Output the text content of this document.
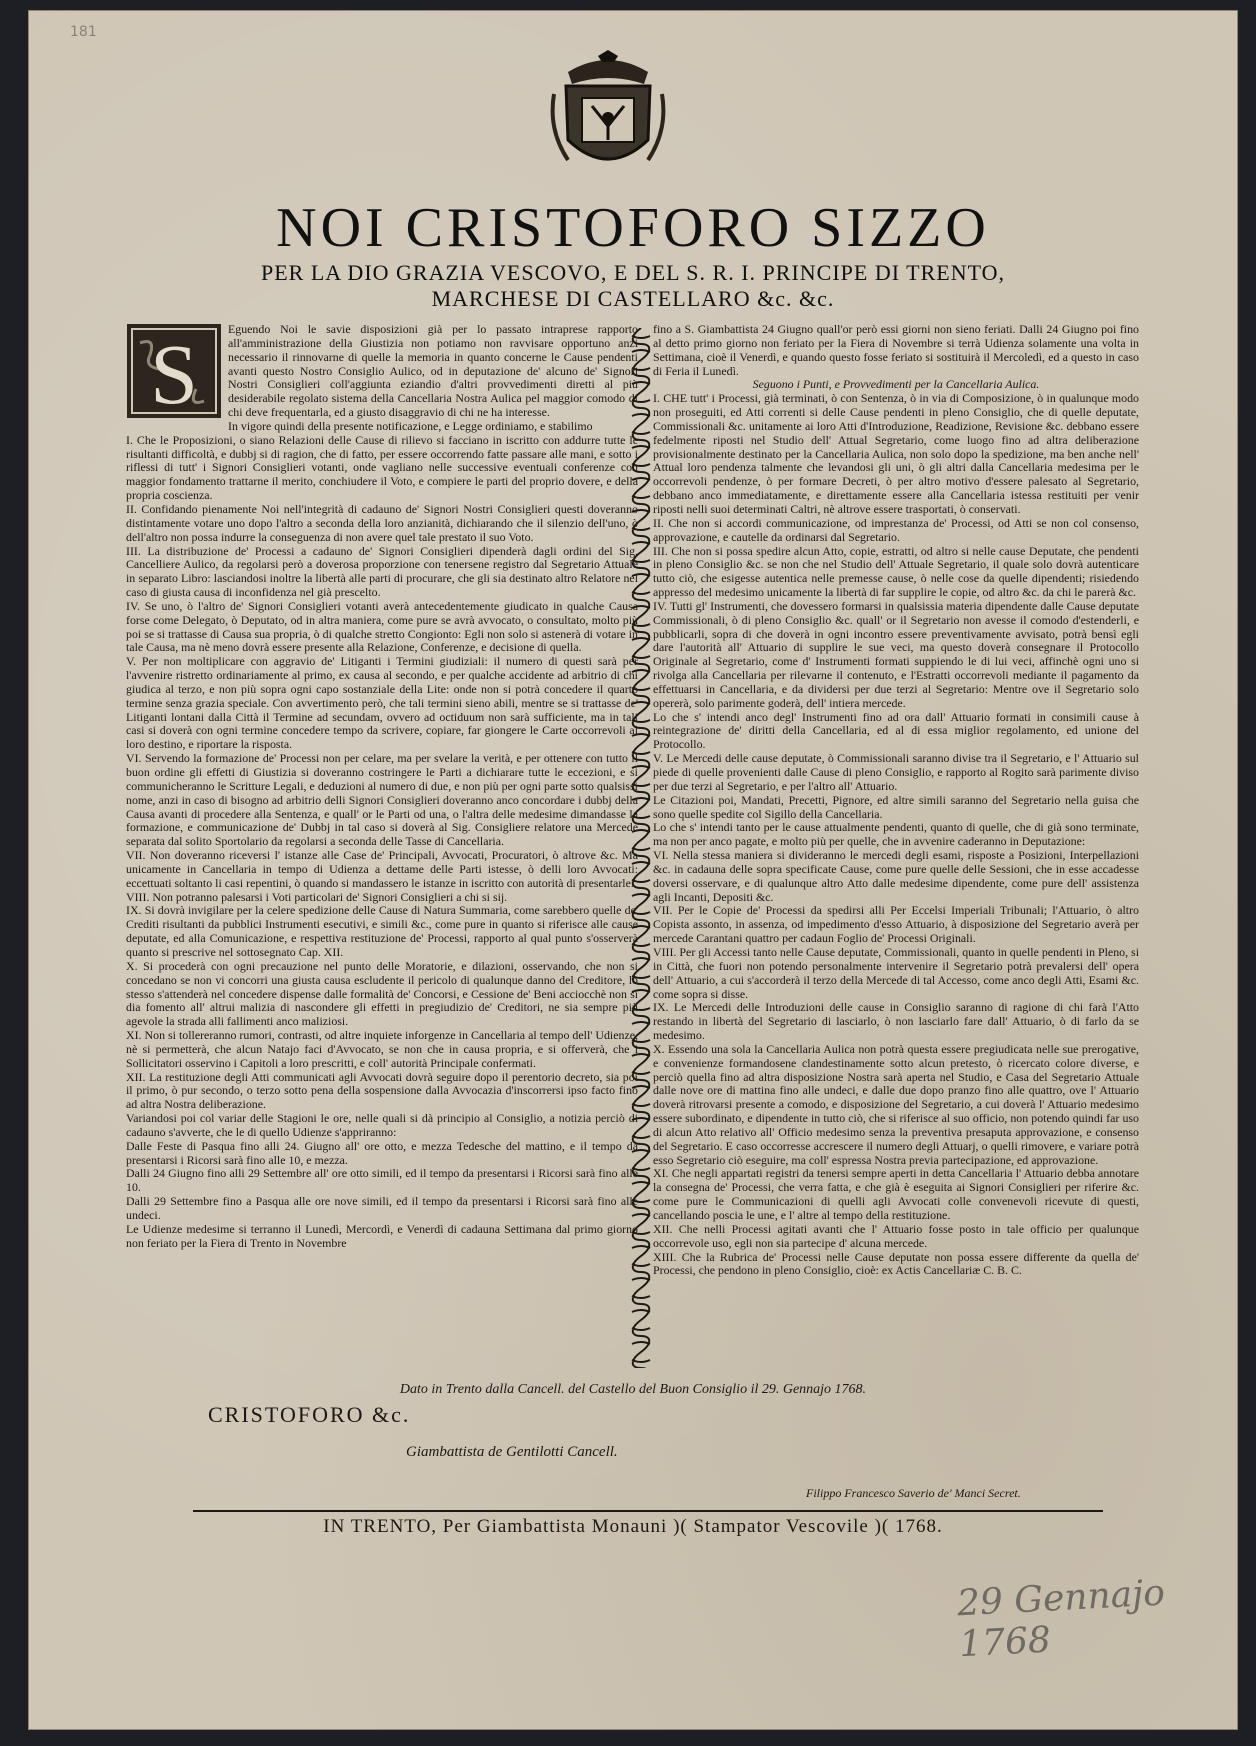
181
NOI CRISTOFORO SIZZO
PER LA DIO GRAZIA VESCOVO, E DEL S. R. I. PRINCIPE DI TRENTO,
MARCHESE DI CASTELLARO &c. &c.
S	Eguendo Noi le savie disposizioni già per lo passato intraprese rapporto all'amministrazione della Giustizia non potiamo non ravvisare opportuno anzi necessario il rinnovarne di quelle la memoria in quanto concerne le Cause pendenti avanti questo Nostro Consiglio Aulico, od in deputazione de' alcuno de' Signori Nostri Consiglieri coll'aggiunta eziandio d'altri provvedimenti diretti al più desiderabile regolato sistema della Cancellaria Nostra Aulica pel maggior comodo di chi deve frequentarla, ed a giusto disaggravio di chi ne ha interesse.

In vigore quindi della presente notificazione, e Legge ordiniamo, e stabilimo

I. Che le Proposizioni, o siano Relazioni delle Cause di rilievo si facciano in iscritto con addurre tutte le risultanti difficoltà, e dubbj si di ragion, che di fatto, per essere occorrendo fatte passare alle mani, e sotto i riflessi di tutt' i Signori Consiglieri votanti, onde vagliano nelle successive eventuali conferenze con maggior fondamento trattarne il merito, conchiudere il Voto, e compiere le parti del proprio dovere, e della propria coscienza.

II. Confidando pienamente Noi nell'integrità di cadauno de' Signori Nostri Consiglieri questi doveranno distintamente votare uno dopo l'altro a seconda della loro anzianità, dichiarando che il silenzio dell'uno, ò dell'altro non possa indurre la conseguenza di non avere quel tale prestato il suo Voto.

III. La distribuzione de' Processi a cadauno de' Signori Consiglieri dipenderà dagli ordini del Sig. Cancelliere Aulico, da regolarsi però a doverosa proporzione con tenersene registro dal Segretario Attuale in separato Libro: lasciandosi inoltre la libertà alle parti di procurare, che gli sia destinato altro Relatore nel caso di giusta causa di inconfidenza nel già prescelto.

IV. Se uno, ò l'altro de' Signori Consiglieri votanti averà antecedentemente giudicato in qualche Causa forse come Delegato, ò Deputato, od in altra maniera, come pure se avrà avvocato, o consultato, molto più poi se si trattasse di Causa sua propria, ò di qualche stretto Congionto: Egli non solo si astenerà di votare in tale Causa, ma nè meno dovrà essere presente alla Relazione, Conferenze, e decisione di quella.

V. Per non moltiplicare con aggravio de' Litiganti i Termini giudiziali: il numero di questi sarà per l'avvenire ristretto ordinariamente al primo, ex causa al secondo, e per qualche accidente ad arbitrio di chi giudica al terzo, e non più sopra ogni capo sostanziale della Lite: onde non si potrà concedere il quarto termine senza grazia speciale. Con avvertimento però, che tali termini sieno abili, mentre se si trattasse de' Litiganti lontani dalla Città il Termine ad secundam, ovvero ad octiduum non sarà sufficiente, ma in tali casi si doverà con ogni termine concedere tempo da scrivere, copiare, far giongere le Carte occorrevoli al loro destino, e riportare la risposta.

VI. Servendo la formazione de' Processi non per celare, ma per svelare la verità, e per ottenere con tutto il buon ordine gli effetti di Giustizia si doveranno costringere le Parti a dichiarare tutte le eccezioni, e si communicheranno le Scritture Legali, e deduzioni al numero di due, e non più per ogni parte sotto qualsissi nome, anzi in caso di bisogno ad arbitrio delli Signori Consiglieri doveranno anco concordare i dubbj della Causa avanti di procedere alla Sentenza, e quall' or le Parti od una, o l'altra delle medesime dimandasse la formazione, e communicazione de' Dubbj in tal caso si doverà al Sig. Consigliere relatore una Mercede separata dal solito Sportolario da regolarsi a seconda delle Tasse di Cancellaria.

VII. Non doveranno riceversi l' istanze alle Case de' Principali, Avvocati, Procuratori, ò altrove &c. Ma unicamente in Cancellaria in tempo di Udienza a dettame delle Parti istesse, ò delli loro Avvocati: eccettuati soltanto li casi repentini, ò quando si mandassero le istanze in iscritto con autorità di presentarle.

VIII. Non potranno palesarsi i Voti particolari de' Signori Consiglieri a chi si sij.

IX. Si dovrà invigilare per la celere spedizione delle Cause di Natura Summaria, come sarebbero quelle de' Crediti risultanti da pubblici Instrumenti esecutivi, e simili &c., come pure in quanto si riferisce alle cause deputate, ed alla Comunicazione, e respettiva restituzione de' Processi, rapporto al qual punto s'osserverà quanto si prescrive nel sottosegnato Cap. XII.

X. Si procederà con ogni precauzione nel punto delle Moratorie, e dilazioni, osservando, che non si concedano se non vi concorri una giusta causa escludente il pericolo di qualunque danno del Creditore, lo stesso s'attenderà nel concedere dispense dalle formalità de' Concorsi, e Cessione de' Beni acciocchè non si dia fomento all' altrui malizia di nascondere gli effetti in pregiudizio de' Creditori, ne sia sempre più agevole la strada alli fallimenti anco maliziosi.

XI. Non si tollereranno rumori, contrasti, od altre inquiete inforgenze in Cancellaria al tempo dell' Udienze, nè si permetterà, che alcun Natajo faci d'Avvocato, se non che in causa propria, e si offerverà, che i Sollicitatori osservino i Capitoli a loro prescritti, e coll' autorità Principale confermati.

XII. La restituzione degli Atti communicati agli Avvocati dovrà seguire dopo il perentorio decreto, sia poi il primo, ò pur secondo, o terzo sotto pena della sospensione dalla Avvocazia d'inscorrersi ipso facto fino ad altra Nostra deliberazione.

Variandosi poi col variar delle Stagioni le ore, nelle quali si dà principio al Consiglio, a notizia perciò di cadauno s'avverte, che le di quello Udienze s'appriranno:

Dalle Feste di Pasqua fino alli 24. Giugno all' ore otto, e mezza Tedesche del mattino, e il tempo da presentarsi i Ricorsi sarà fino alle 10, e mezza.

Dalli 24 Giugno fino alli 29 Settembre all' ore otto simili, ed il tempo da presentarsi i Ricorsi sarà fino alle 10.

Dalli 29 Settembre fino a Pasqua alle ore nove simili, ed il tempo da presentarsi i Ricorsi sarà fino alle undeci.

Le Udienze medesime si terranno il Lunedì, Mercordì, e Venerdì di cadauna Settimana dal primo giorno non feriato per la Fiera di Trento in Novembre

fino a S. Giambattista 24 Giugno quall'or però essi giorni non sieno feriati. Dalli 24 Giugno poi fino al detto primo giorno non feriato per la Fiera di Novembre si terrà Udienza solamente una volta in Settimana, cioè il Venerdì, e quando questo fosse feriato si sostituirà il Mercoledì, ed a questo in caso di Feria il Lunedì.

Seguono i Punti, e Provvedimenti per la Cancellaria Aulica.

I. CHE tutt' i Processi, già terminati, ò con Sentenza, ò in via di Composizione, ò in qualunque modo non proseguiti, ed Atti correnti si delle Cause pendenti in pleno Consiglio, che di quelle deputate, Commissionali &c. unitamente ai loro Atti d'Introduzione, Readizione, Revisione &c. debbano essere fedelmente riposti nel Studio dell' Attual Segretario, come luogo fino ad altra deliberazione provisionalmente destinato per la Cancellaria Aulica, non solo dopo la spedizione, ma ben anche nell' Attual loro pendenza talmente che levandosi gli uni, ò gli altri dalla Cancellaria medesima per le occorrevoli pendenze, ò per formare Decreti, ò per altro motivo d'essere palesato al Segretario, debbano anco immediatamente, e direttamente essere alla Cancellaria istessa restituiti per venir riposti nelli suoi determinati Caltri, nè altrove essere trasportati, ò conservati.

II. Che non si accordi communicazione, od imprestanza de' Processi, od Atti se non col consenso, approvazione, e cautelle da ordinarsi dal Segretario.

III. Che non si possa spedire alcun Atto, copie, estratti, od altro si nelle cause Deputate, che pendenti in pleno Consiglio &c. se non che nel Studio dell' Attuale Segretario, il quale solo dovrà autenticare tutto ciò, che esigesse autentica nelle premesse cause, ò nelle cose da quelle dipendenti; risiedendo appresso del medesimo unicamente la libertà di far supplire le copie, od altro &c. da chi le parerà &c.

IV. Tutti gl' Instrumenti, che dovessero formarsi in qualsissia materia dipendente dalle Cause deputate Commissionali, ò di pleno Consiglio &c. quall' or il Segretario non avesse il comodo d'estenderli, e pubblicarli, sopra di che doverà in ogni incontro essere preventivamente avvisato, potrà bensì egli dare l'autorità all' Attuario di supplire le sue veci, ma questo doverà consegnare il Protocollo Originale al Segretario, come d' Instrumenti formati suppiendo le di lui veci, affinchè ogni uno si rivolga alla Cancellaria per rilevarne il contenuto, e l'Estratti occorrevoli mediante il pagamento da effettuarsi in Cancellaria, e da dividersi per due terzi al Segretario: Mentre ove il Segretario solo opererà, solo parimente goderà, dell' intiera mercede.

Lo che s' intendi anco degl' Instrumenti fino ad ora dall' Attuario formati in consimili cause à reintegrazione de' diritti della Cancellaria, ed al di essa miglior regolamento, ed unione del Protocollo.

V. Le Mercedi delle cause deputate, ò Commissionali saranno divise tra il Segretario, e l' Attuario sul piede di quelle provenienti dalle Cause di pleno Consiglio, e rapporto al Rogito sarà parimente diviso per due terzi al Segretario, e per l'altro all' Attuario.

Le Citazioni poi, Mandati, Precetti, Pignore, ed altre simili saranno del Segretario nella guisa che sono quelle spedite col Sigillo della Cancellaria.

Lo che s' intendi tanto per le cause attualmente pendenti, quanto di quelle, che di già sono terminate, ma non per anco pagate, e molto più per quelle, che in avvenire caderanno in Deputazione:

VI. Nella stessa maniera si divideranno le mercedi degli esami, risposte a Posizioni, Interpellazioni &c. in cadauna delle sopra specificate Cause, come pure quelle delle Sessioni, che in esse accadesse doversi osservare, e di qualunque altro Atto dalle medesime dipendente, come pure dell' assistenza agli Incanti, Depositi &c.

VII. Per le Copie de' Processi da spedirsi alli Per Eccelsi Imperiali Tribunali; l'Attuario, ò altro Copista assonto, in assenza, od impedimento d'esso Attuario, à disposizione del Segretario averà per mercede Carantani quattro per cadaun Foglio de' Processi Originali.

VIII. Per gli Accessi tanto nelle Cause deputate, Commissionali, quanto in quelle pendenti in Pleno, si in Città, che fuori non potendo personalmente intervenire il Segretario potrà prevalersi dell' opera dell' Attuario, a cui s'accorderà il terzo della Mercede di tal Accesso, come anco degli Atti, Esami &c. come sopra si disse.

IX. Le Mercedi delle Introduzioni delle cause in Consiglio saranno di ragione di chi farà l'Atto restando in libertà del Segretario di lasciarlo, ò non lasciarlo fare dall' Attuario, ò di farlo da se medesimo.

X. Essendo una sola la Cancellaria Aulica non potrà questa essere pregiudicata nelle sue prerogative, e convenienze formandosene clandestinamente sotto alcun pretesto, ò ricercato colore diverse, e perciò quella fino ad altra disposizione Nostra sarà aperta nel Studio, e Casa del Segretario Attuale dalle nove ore di mattina fino alle undeci, e dalle due dopo pranzo fino alle quattro, ove l' Attuario doverà ritrovarsi presente a comodo, e disposizione del Segretario, a cui doverà l' Attuario medesimo essere subordinato, e dipendente in tutto ciò, che si riferisce al suo officio, non potendo quindi far uso di alcun Atto relativo all' Officio medesimo senza la preventiva presaputa approvazione, e consenso del Segretario. E caso occorresse accrescere il numero degli Attuarj, o quelli rimovere, e variare potrà esso Segretario ciò eseguire, ma coll' espressa Nostra previa partecipazione, ed approvazione.

XI. Che negli appartati registri da tenersi sempre aperti in detta Cancellaria l' Attuario debba annotare la consegna de' Processi, che verra fatta, e che già è eseguita ai Signori Consiglieri per riferire &c. come pure le Communicazioni di quelli agli Avvocati colle convenevoli ricevute di questi, cancellando poscia le une, e l' altre al tempo della restituzione.

XII. Che nelli Processi agitati avanti che l' Attuario fosse posto in tale officio per qualunque occorrevole uso, egli non sia partecipe d' alcuna mercede.

XIII. Che la Rubrica de' Processi nelle Cause deputate non possa essere differente da quella de' Processi, che pendono in pleno Consiglio, cioè: ex Actis Cancellariæ C. B. C.

Dato in Trento dalla Cancell. del Castello del Buon Consiglio il 29. Gennajo 1768.
CRISTOFORO &c.
Giambattista de Gentilotti Cancell.
Filippo Francesco Saverio de' Manci Secret.
IN TRENTO, Per Giambattista Monauni )( Stampator Vescovile )( 1768.
29 Gennajo 1768
